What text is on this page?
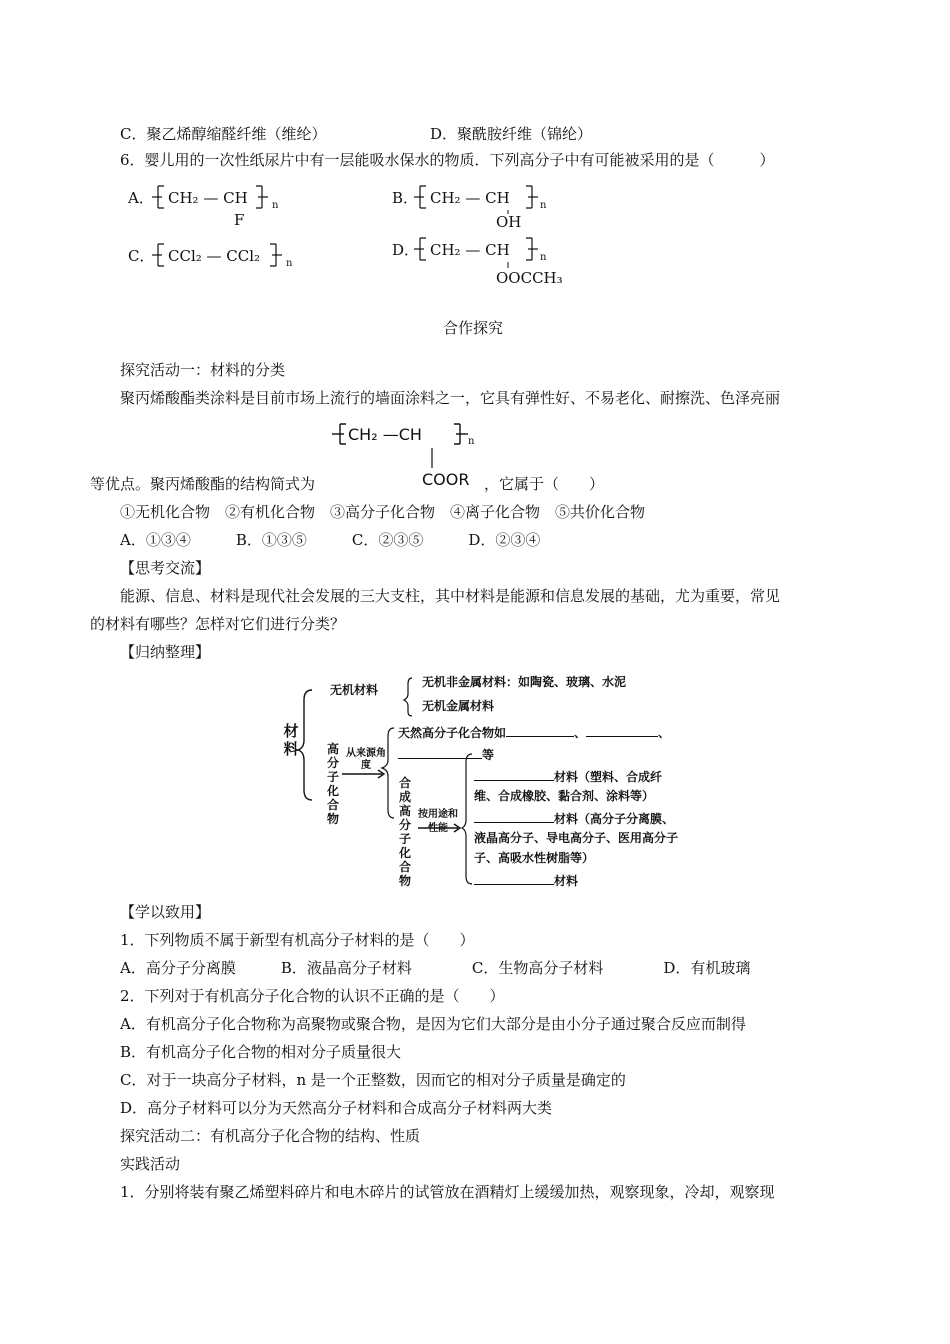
C．聚乙烯醇缩醛纤维（维纶）	D．聚酰胺纤维（锦纶）
6．婴儿用的一次性纸尿片中有一层能吸水保水的物质．下列高分子中有可能被采用的是（　　　）
A． CH₂ — CH n
F
B． CH₂ — CH	n
OH
C． CCl₂ — CCl₂	n
D． CH₂ — CH	n
OOCCH₃
合作探究
探究活动一：材料的分类
聚丙烯酸酯类涂料是目前市场上流行的墙面涂料之一，它具有弹性好、不易老化、耐擦洗、色泽亮丽
CH₂ —CH	n
COOR
等优点。聚丙烯酸酯的结构简式为	，它属于（　　）
①无机化合物　②有机化合物　③高分子化合物　④离子化合物　⑤共价化合物
A．①③④　　　B．①③⑤　　　C．②③⑤　　　D．②③④
【思考交流】
能源、信息、材料是现代社会发展的三大支柱，其中材料是能源和信息发展的基础，尤为重要，常见
的材料有哪些？怎样对它们进行分类？
【归纳整理】
材料
无机材料
无机非金属材料：如陶瓷、玻璃、水泥
无机金属材料
高分子化合物
从来源角度
天然高分子化合物如	、	、
等
合成高分子化合物
按用途和性能
材料（塑料、合成纤
维、合成橡胶、黏合剂、涂料等）
材料（高分子分离膜、
液晶高分子、导电高分子、医用高分子
子、高吸水性树脂等）
材料
【学以致用】
1．下列物质不属于新型有机高分子材料的是（　　）
A．高分子分离膜　　　B．液晶高分子材料　　　　C．生物高分子材料　　　　D．有机玻璃
2．下列对于有机高分子化合物的认识不正确的是（　　）
A．有机高分子化合物称为高聚物或聚合物，是因为它们大部分是由小分子通过聚合反应而制得
B．有机高分子化合物的相对分子质量很大
C．对于一块高分子材料，n 是一个正整数，因而它的相对分子质量是确定的
D．高分子材料可以分为天然高分子材料和合成高分子材料两大类
探究活动二：有机高分子化合物的结构、性质
实践活动
1．分别将装有聚乙烯塑料碎片和电木碎片的试管放在酒精灯上缓缓加热，观察现象，冷却，观察现
